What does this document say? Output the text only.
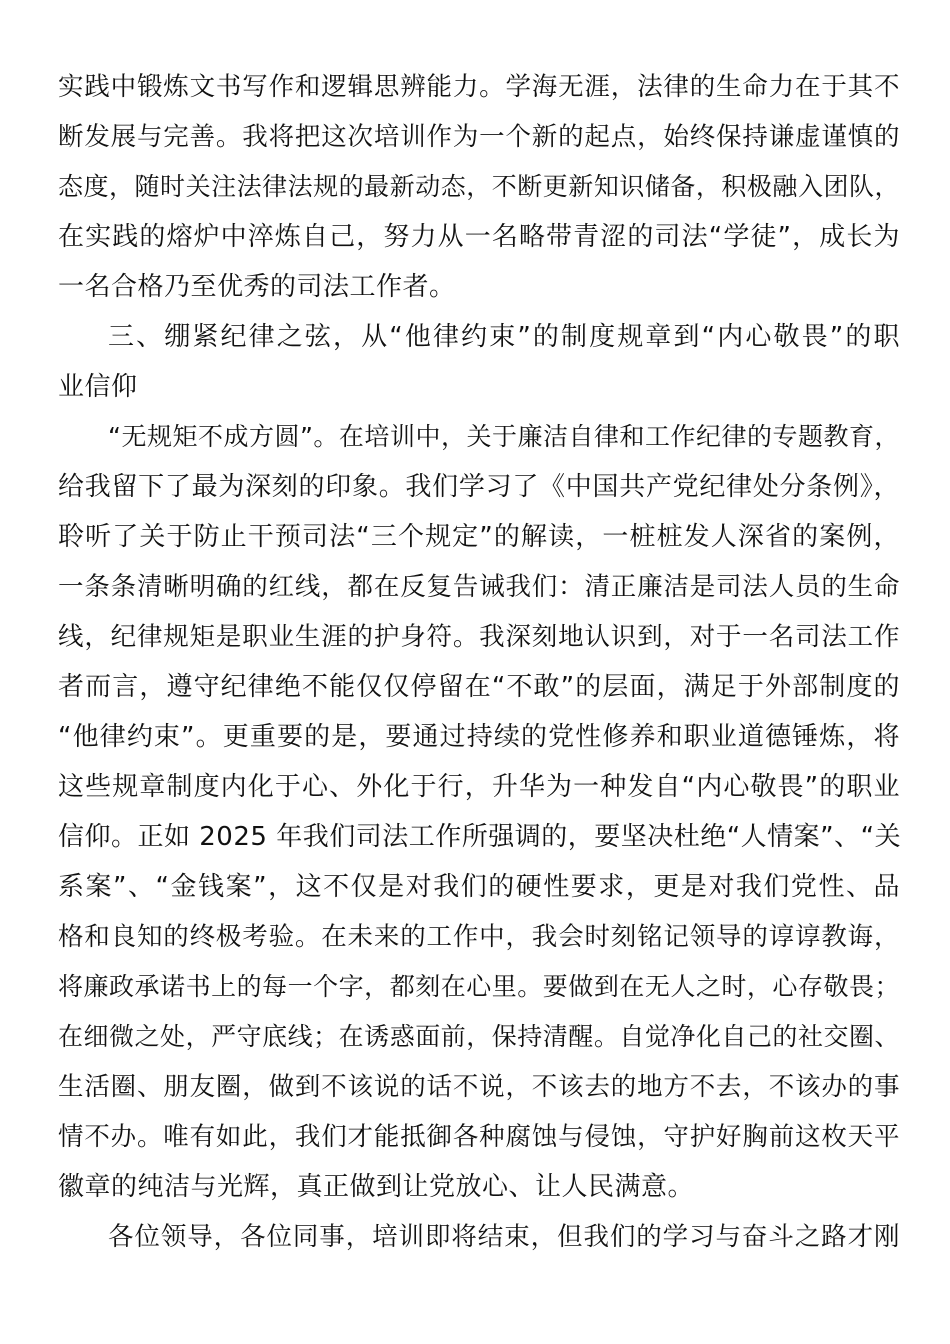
实践中锻炼文书写作和逻辑思辨能力。学海无涯，法律的生命力在于其不
断发展与完善。我将把这次培训作为一个新的起点，始终保持谦虚谨慎的
态度，随时关注法律法规的最新动态，不断更新知识储备，积极融入团队，
在实践的熔炉中淬炼自己，努力从一名略带青涩的司法“学徒”，成长为
一名合格乃至优秀的司法工作者。
三、绷紧纪律之弦，从“他律约束”的制度规章到“内心敬畏”的职
业信仰
“无规矩不成方圆”。在培训中，关于廉洁自律和工作纪律的专题教育，
给我留下了最为深刻的印象。我们学习了《中国共产党纪律处分条例》，
聆听了关于防止干预司法“三个规定”的解读，一桩桩发人深省的案例，
一条条清晰明确的红线，都在反复告诫我们：清正廉洁是司法人员的生命
线，纪律规矩是职业生涯的护身符。我深刻地认识到，对于一名司法工作
者而言，遵守纪律绝不能仅仅停留在“不敢”的层面，满足于外部制度的
“他律约束”。更重要的是，要通过持续的党性修养和职业道德锤炼，将
这些规章制度内化于心、外化于行，升华为一种发自“内心敬畏”的职业
信仰。正如 2025 年我们司法工作所强调的，要坚决杜绝“人情案”、“关
系案”、“金钱案”，这不仅是对我们的硬性要求，更是对我们党性、品
格和良知的终极考验。在未来的工作中，我会时刻铭记领导的谆谆教诲，
将廉政承诺书上的每一个字，都刻在心里。要做到在无人之时，心存敬畏；
在细微之处，严守底线；在诱惑面前，保持清醒。自觉净化自己的社交圈、
生活圈、朋友圈，做到不该说的话不说，不该去的地方不去，不该办的事
情不办。唯有如此，我们才能抵御各种腐蚀与侵蚀，守护好胸前这枚天平
徽章的纯洁与光辉，真正做到让党放心、让人民满意。
各位领导，各位同事，培训即将结束，但我们的学习与奋斗之路才刚
